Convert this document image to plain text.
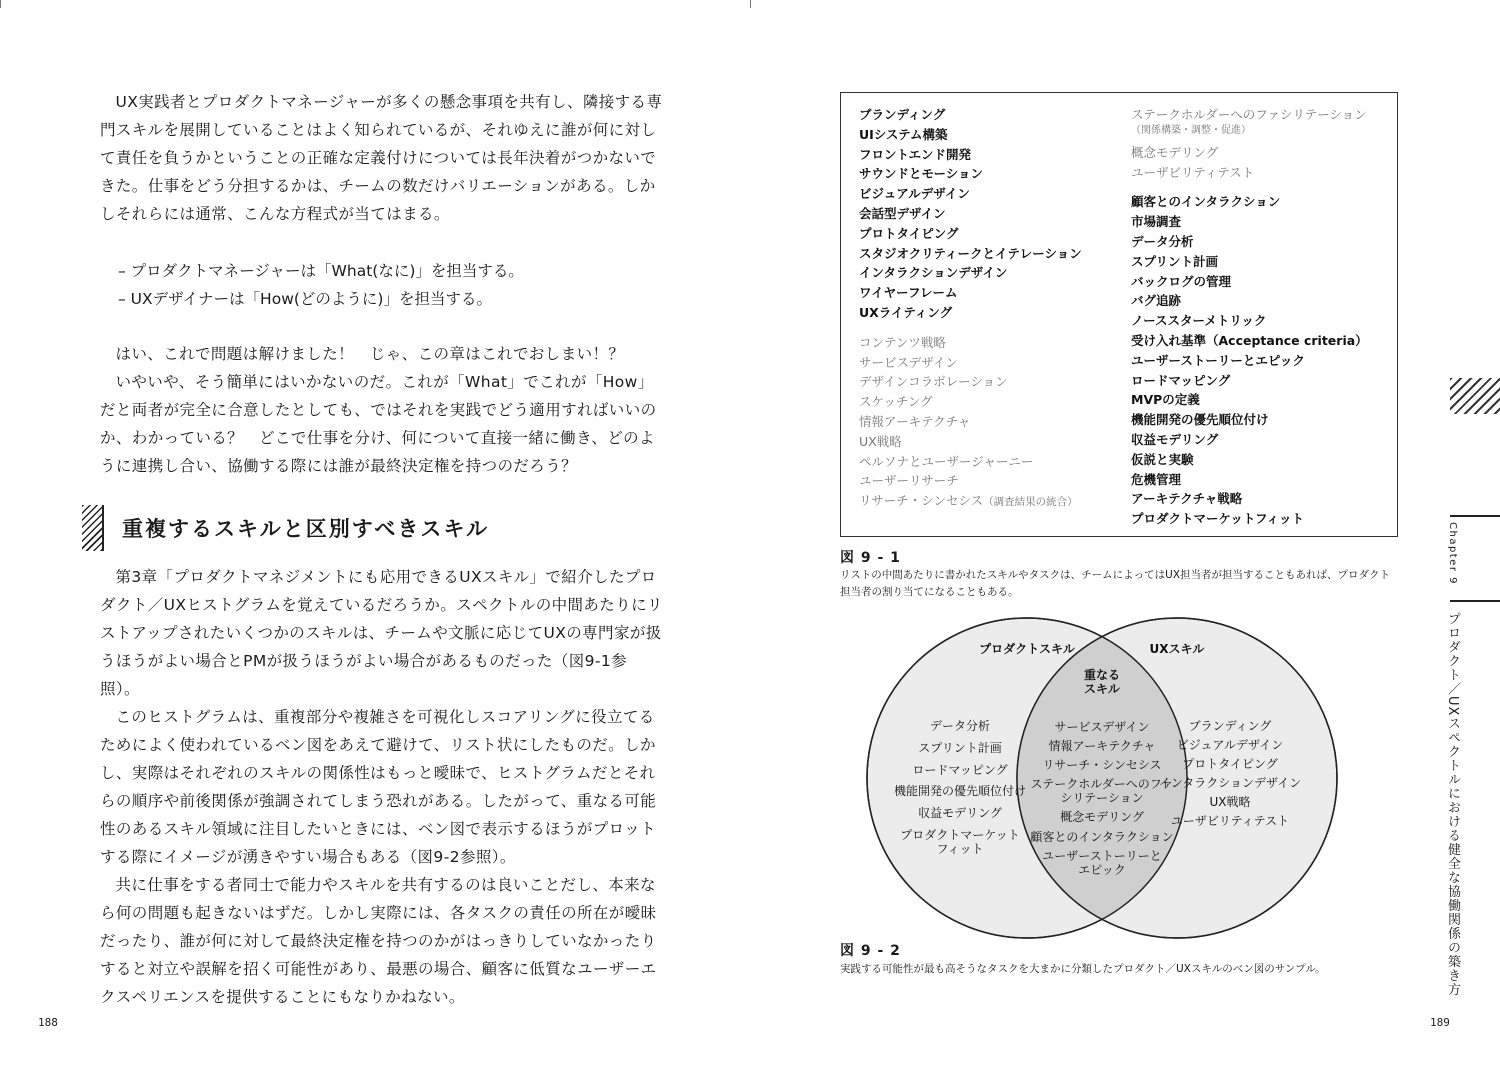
UX実践者とプロダクトマネージャーが多くの懸念事項を共有し、隣接する専門スキルを展開していることはよく知られているが、それゆえに誰が何に対して責任を負うかということの正確な定義付けについては長年決着がつかないできた。仕事をどう分担するかは、チームの数だけバリエーションがある。しかしそれらには通常、こんな方程式が当てはまる。

– プロダクトマネージャーは「What(なに)」を担当する。
– UXデザイナーは「How(どのように)」を担当する。

はい、これで問題は解けました！　じゃ、この章はこれでおしまい！？

いやいや、そう簡単にはいかないのだ。これが「What」でこれが「How」だと両者が完全に合意したとしても、ではそれを実践でどう適用すればいいのか、わかっている？　どこで仕事を分け、何について直接一緒に働き、どのように連携し合い、協働する際には誰が最終決定権を持つのだろう？

重複するスキルと区別すべきスキル

第3章「プロダクトマネジメントにも応用できるUXスキル」で紹介したプロダクト／UXヒストグラムを覚えているだろうか。スペクトルの中間あたりにリストアップされたいくつかのスキルは、チームや文脈に応じてUXの専門家が扱うほうがよい場合とPMが扱うほうがよい場合があるものだった（図9-1参照）。

このヒストグラムは、重複部分や複雑さを可視化しスコアリングに役立てるためによく使われているベン図をあえて避けて、リスト状にしたものだ。しかし、実際はそれぞれのスキルの関係性はもっと曖昧で、ヒストグラムだとそれらの順序や前後関係が強調されてしまう恐れがある。したがって、重なる可能性のあるスキル領域に注目したいときには、ベン図で表示するほうがプロットする際にイメージが湧きやすい場合もある（図9-2参照）。

共に仕事をする者同士で能力やスキルを共有するのは良いことだし、本来なら何の問題も起きないはずだ。しかし実際には、各タスクの責任の所在が曖昧だったり、誰が何に対して最終決定権を持つのかがはっきりしていなかったりすると対立や誤解を招く可能性があり、最悪の場合、顧客に低質なユーザーエクスペリエンスを提供することにもなりかねない。

188
ブランディング
UIシステム構築
フロントエンド開発
サウンドとモーション
ビジュアルデザイン
会話型デザイン
プロトタイピング
スタジオクリティークとイテレーション
インタラクションデザイン
ワイヤーフレーム
UXライティング
コンテンツ戦略
サービスデザイン
デザインコラボレーション
スケッチング
情報アーキテクチャ
UX戦略
ペルソナとユーザージャーニー
ユーザーリサーチ
リサーチ・シンセシス（調査結果の統合）
ステークホルダーへのファシリテーション
（関係構築・調整・促進）
概念モデリング
ユーザビリティテスト
顧客とのインタラクション
市場調査
データ分析
スプリント計画
バックログの管理
バグ追跡
ノーススターメトリック
受け入れ基準（Acceptance criteria）
ユーザーストーリーとエピック
ロードマッピング
MVPの定義
機能開発の優先順位付け
収益モデリング
仮説と実験
危機管理
アーキテクチャ戦略
プロダクトマーケットフィット
図 9 - 1
リストの中間あたりに書かれたスキルやタスクは、チームによってはUX担当者が担当することもあれば、プロダクト担当者の割り当てになることもある。
プロダクトスキル	UXスキル
重なる
スキル
データ分析
スプリント計画
ロードマッピング
機能開発の優先順位付け
収益モデリング
プロダクトマーケット
フィット
サービスデザイン
情報アーキテクチャ
リサーチ・シンセシス
ステークホルダーへのファ
シリテーション
概念モデリング
顧客とのインタラクション
ユーザーストーリーと
エピック
ブランディング
ビジュアルデザイン
プロトタイピング
インタラクションデザイン
UX戦略
ユーザビリティテスト
図 9 - 2
実践する可能性が最も高そうなタスクを大まかに分類したプロダクト／UXスキルのベン図のサンプル。
Chapter 9
プロダクト／UXスペクトルにおける健全な協働関係の築き方
189
